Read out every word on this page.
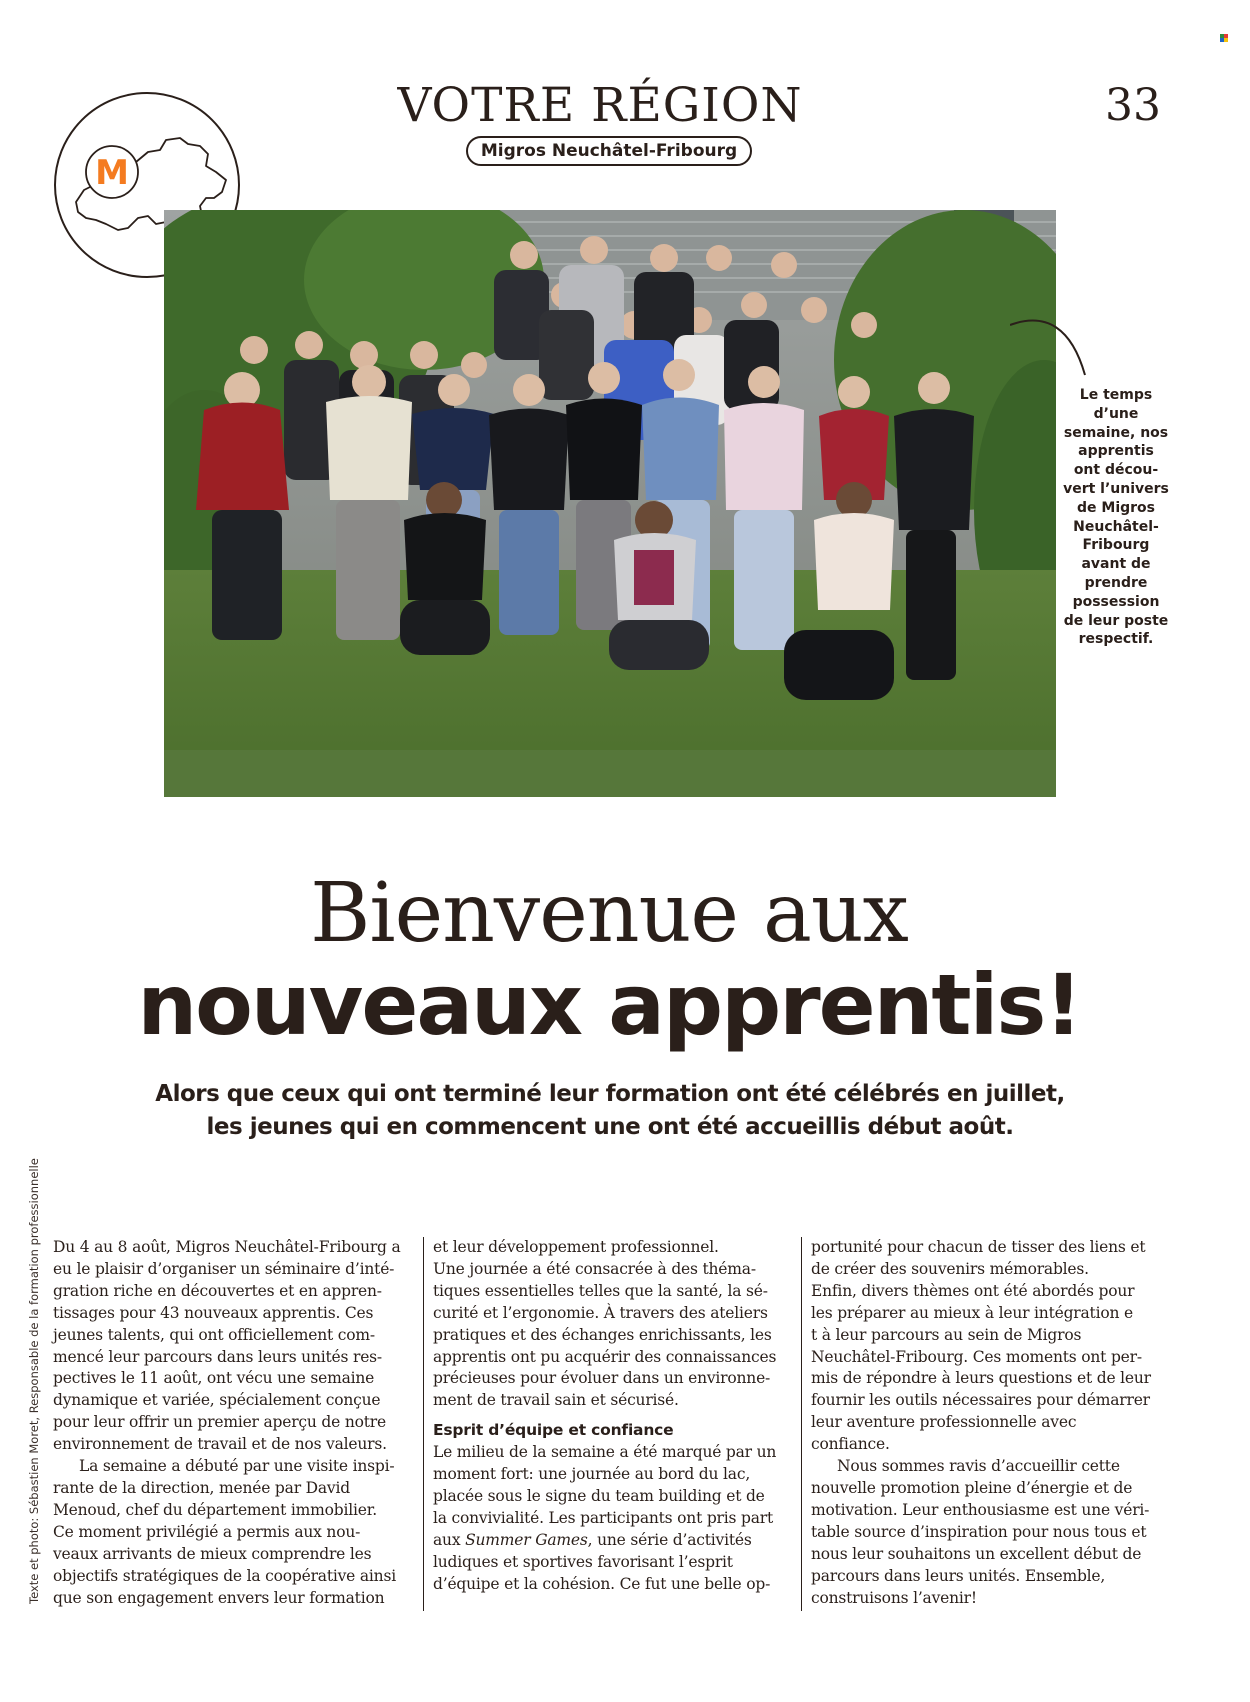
VOTRE RÉGION
Migros Neuchâtel-Fribourg
33
M
Le temps
d’une
semaine, nos
apprentis
ont décou-
vert l’univers
de Migros
Neuchâtel-
Fribourg
avant de
prendre
possession
de leur poste
respectif.
Bienvenue aux
nouveaux apprentis!
Alors que ceux qui ont terminé leur formation ont été célébrés en juillet,
les jeunes qui en commencent une ont été accueillis début août.
Texte et photo: Sébastien Moret, Responsable de la formation professionnelle Du 4 au 8 août, Migros Neuchâtel-Fribourg a
eu le plaisir d’organiser un séminaire d’inté-
gration riche en découvertes et en appren-
tissages pour 43 nouveaux apprentis. Ces
jeunes talents, qui ont officiellement com-
mencé leur parcours dans leurs unités res-
pectives le 11 août, ont vécu une semaine
dynamique et variée, spécialement conçue
pour leur offrir un premier aperçu de notre
environnement de travail et de nos valeurs.
La semaine a débuté par une visite inspi-
rante de la direction, menée par David
Menoud, chef du département immobilier.
Ce moment privilégié a permis aux nou-
veaux arrivants de mieux comprendre les
objectifs stratégiques de la coopérative ainsi
que son engagement envers leur formation
et leur développement professionnel.
Une journée a été consacrée à des théma-
tiques essentielles telles que la santé, la sé-
curité et l’ergonomie. À travers des ateliers
pratiques et des échanges enrichissants, les
apprentis ont pu acquérir des connaissances
précieuses pour évoluer dans un environne-
ment de travail sain et sécurisé.
Esprit d’équipe et confiance
Le milieu de la semaine a été marqué par un
moment fort: une journée au bord du lac,
placée sous le signe du team building et de
la convivialité. Les participants ont pris part
aux Summer Games, une série d’activités
ludiques et sportives favorisant l’esprit
d’équipe et la cohésion. Ce fut une belle op-
portunité pour chacun de tisser des liens et
de créer des souvenirs mémorables.
Enfin, divers thèmes ont été abordés pour
les préparer au mieux à leur intégration e
t à leur parcours au sein de Migros
Neuchâtel-Fribourg. Ces moments ont per-
mis de répondre à leurs questions et de leur
fournir les outils nécessaires pour démarrer
leur aventure professionnelle avec
confiance.
Nous sommes ravis d’accueillir cette
nouvelle promotion pleine d’énergie et de
motivation. Leur enthousiasme est une véri-
table source d’inspiration pour nous tous et
nous leur souhaitons un excellent début de
parcours dans leurs unités. Ensemble,
construisons l’avenir!
